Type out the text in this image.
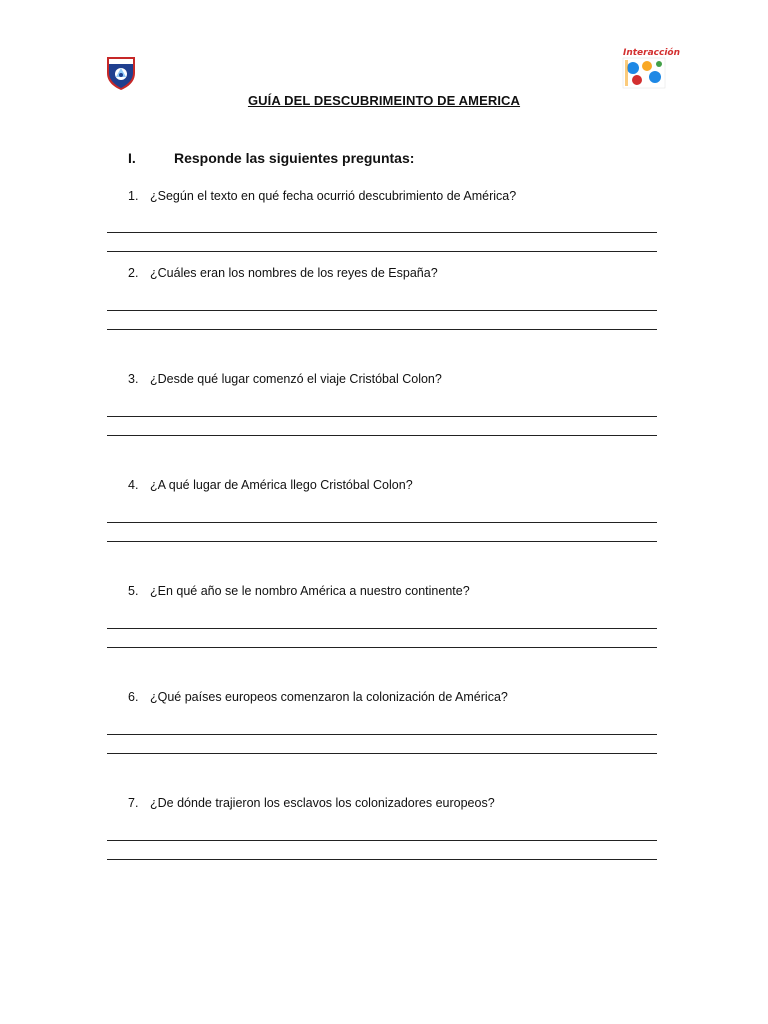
Interacción
GUÍA DEL DESCUBRIMEINTO DE AMERICA
I.	Responde las siguientes preguntas:
1. ¿Según el texto en qué fecha ocurrió descubrimiento de América?
2. ¿Cuáles eran los nombres de los reyes de España?
3. ¿Desde qué lugar comenzó el viaje Cristóbal Colon?
4. ¿A qué lugar de América llego Cristóbal Colon?
5. ¿En qué año se le nombro América a nuestro continente?
6. ¿Qué países europeos comenzaron la colonización de América?
7. ¿De dónde trajieron los esclavos los colonizadores europeos?
